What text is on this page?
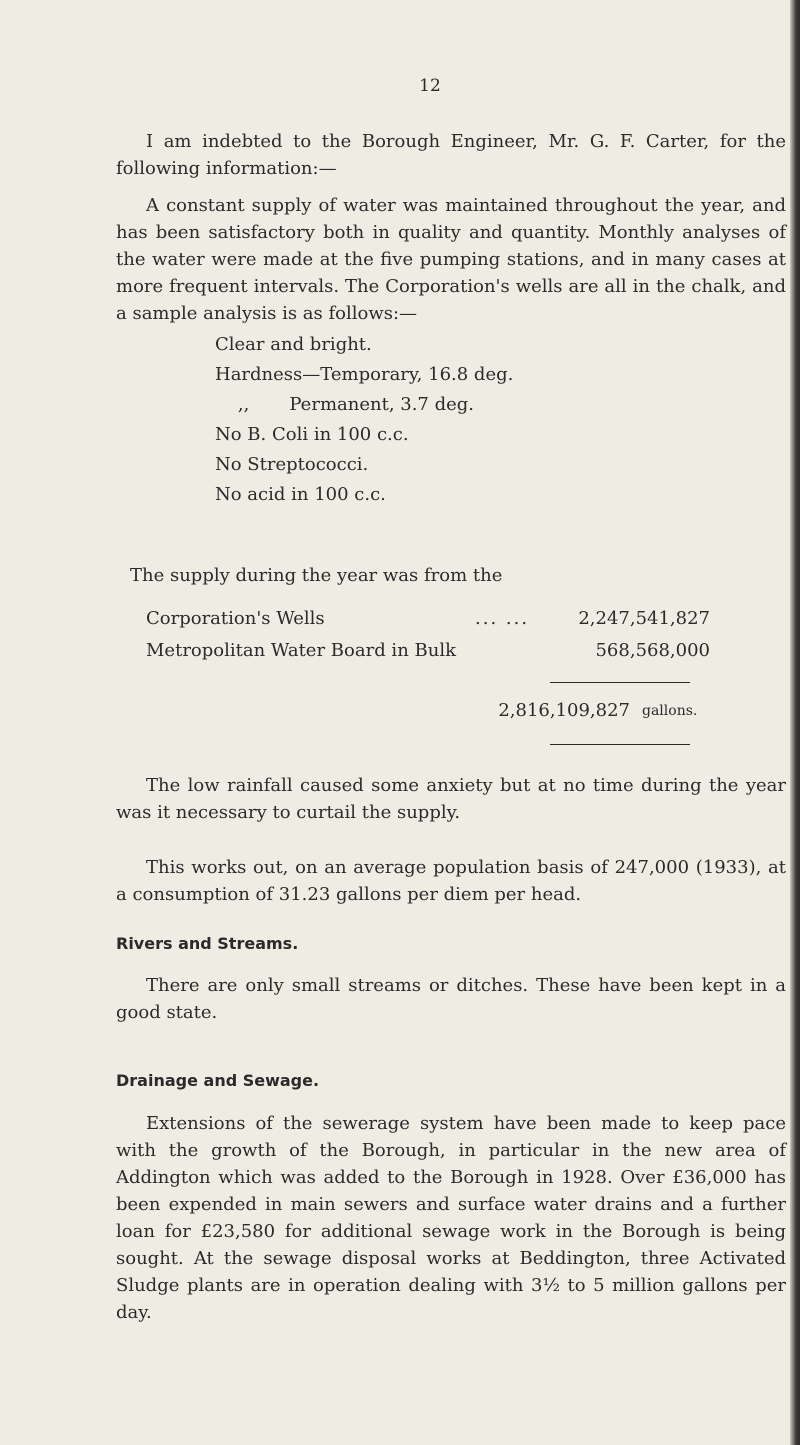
12

I am indebted to the Borough Engineer, Mr. G. F. Carter, for the following information:—

A constant supply of water was maintained throughout the year, and has been satisfactory both in quality and quantity. Monthly analyses of the water were made at the five pumping stations, and in many cases at more frequent intervals. The Corporation's wells are all in the chalk, and a sample analysis is as follows:—

Clear and bright.
Hardness—Temporary, 16.8 deg.
,,       Permanent, 3.7 deg.
No B. Coli in 100 c.c.
No Streptococci.
No acid in 100 c.c.

The supply during the year was from the

Corporation's Wells	... ...	2,247,541,827
Metropolitan Water Board in Bulk	568,568,000
2,816,109,827 gallons.

The low rainfall caused some anxiety but at no time during the year was it necessary to curtail the supply.

This works out, on an average population basis of 247,000 (1933), at a consumption of 31.23 gallons per diem per head.

Rivers and Streams.

There are only small streams or ditches. These have been kept in a good state.

Drainage and Sewage.

Extensions of the sewerage system have been made to keep pace with the growth of the Borough, in particular in the new area of Addington which was added to the Borough in 1928. Over £36,000 has been expended in main sewers and surface water drains and a further loan for £23,580 for additional sewage work in the Borough is being sought. At the sewage disposal works at Beddington, three Activated Sludge plants are in operation dealing with 3½ to 5 million gallons per day.
